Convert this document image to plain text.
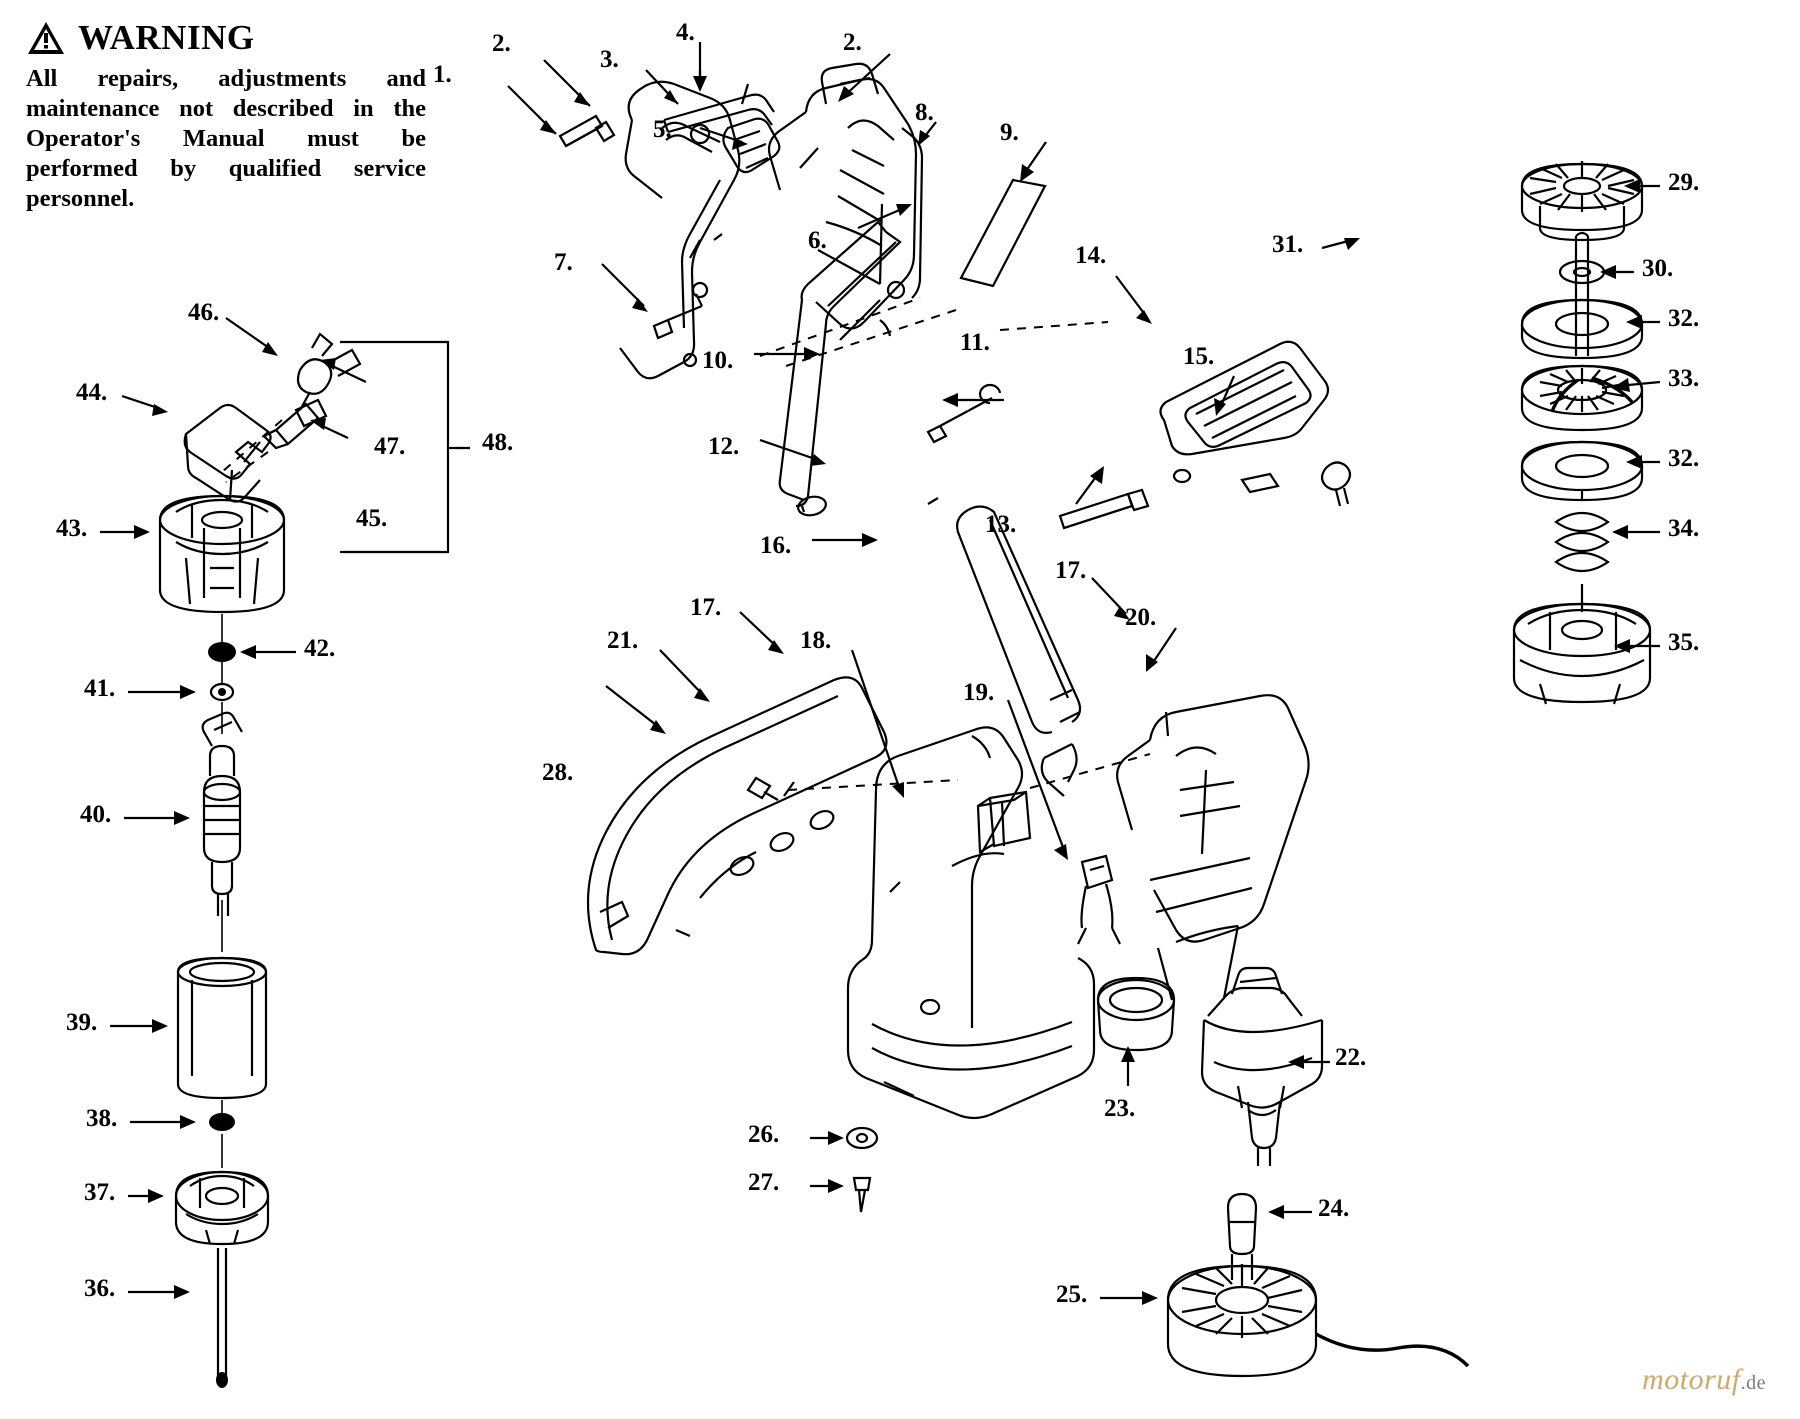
WARNING
All repairs, adjustments and maintenance not described in the Operator's Manual must be performed by qualified service personnel.
1.
2.
3.
4.	2.
5.
8.
9.
6.
7.
10.
11.
12.
13.
14.
15.
16.
17.
17.
18.
19.
20.
21.
22.
23.
24.
25.
26.
27.
28.
29.
30.
31.
32.
33.
32.
34.
35.
36.
37.
38.
39.
40.
41.
42.
43.
44.
45.
46.
47.	48.
motoruf.de
